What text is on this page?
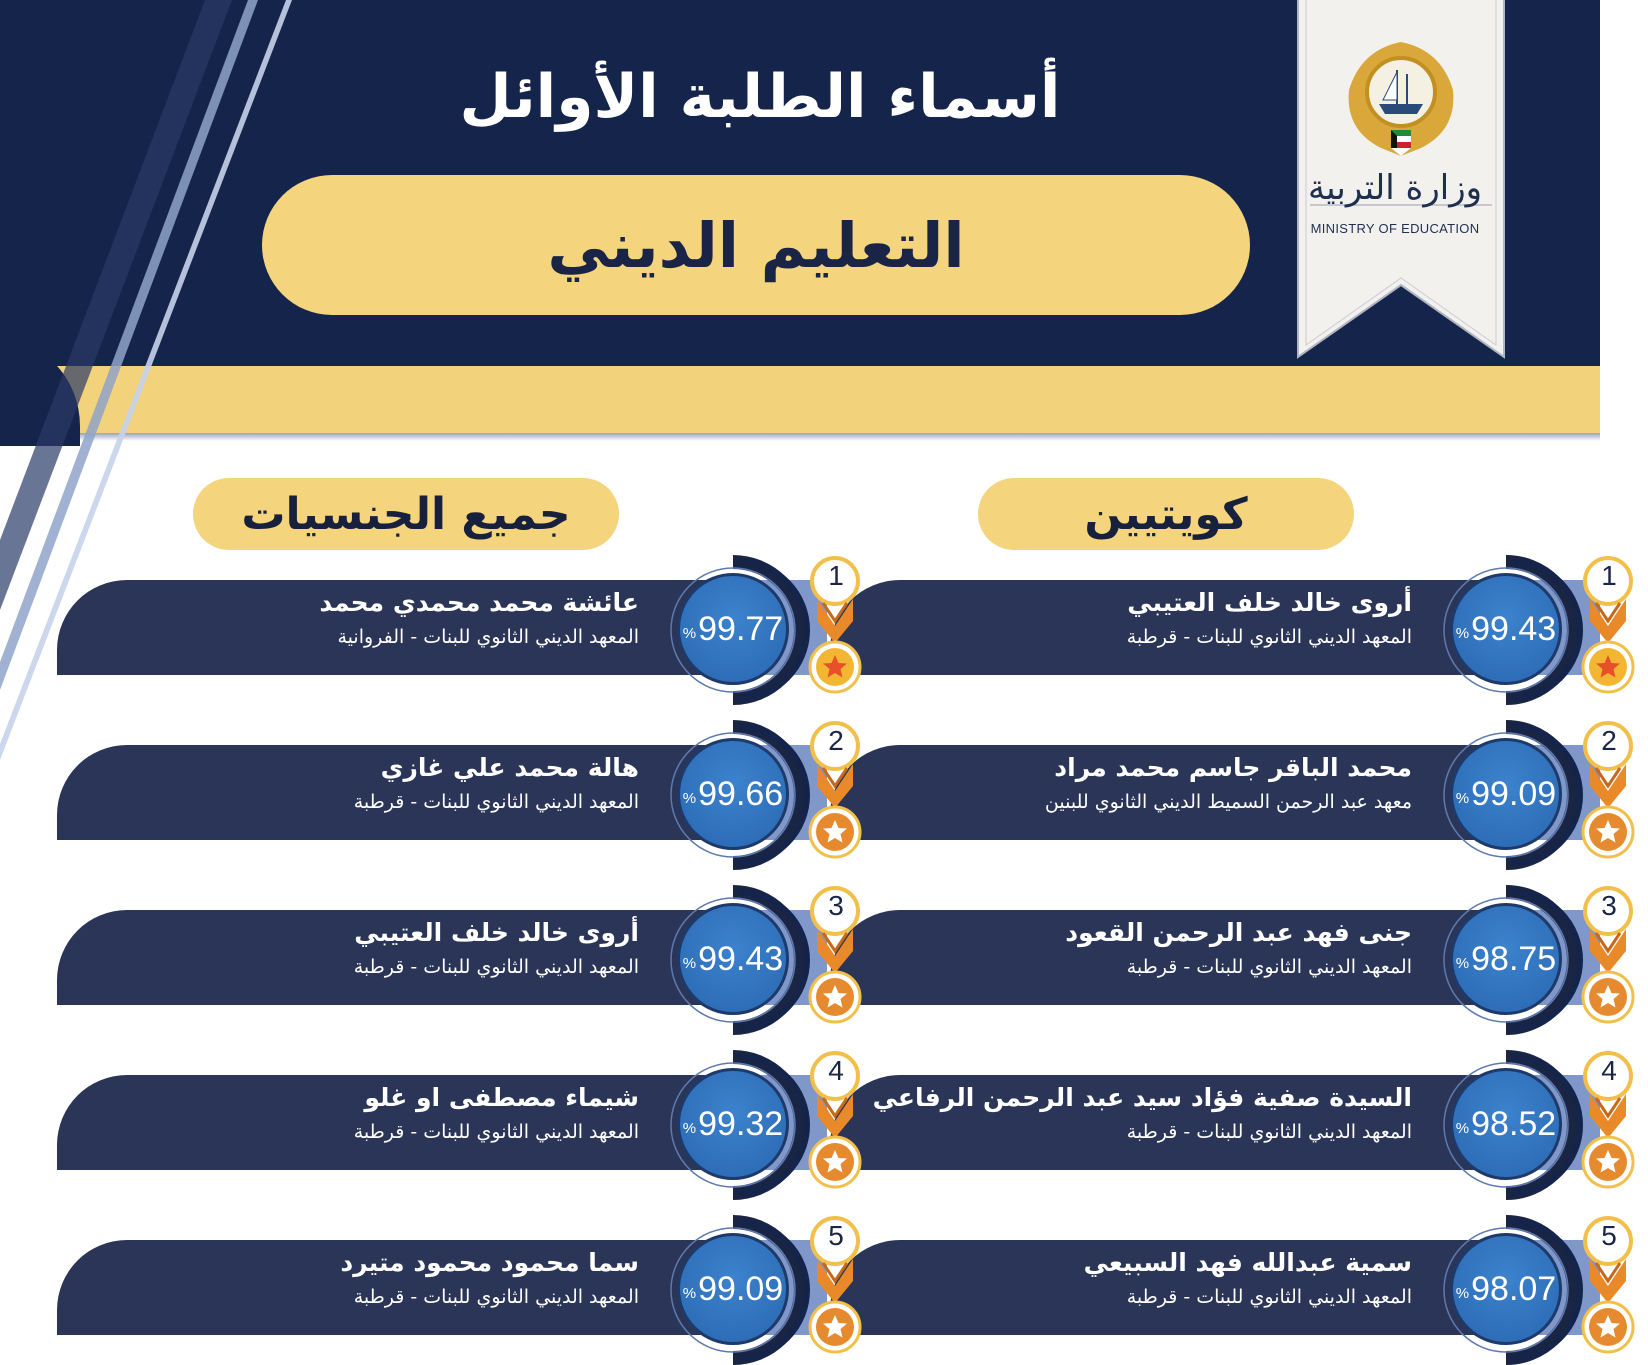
أسماء الطلبة الأوائل
التعليم الديني
وزارة التربية
MINISTRY OF EDUCATION
كويتيين
جميع الجنسيات
% 99.43
أروى خالد خلف العتيبي
المعهد الديني الثانوي للبنات - قرطبة
1
% 99.09
محمد الباقر جاسم محمد مراد
معهد عبد الرحمن السميط الديني الثانوي للبنين
2
% 98.75
جنى فهد عبد الرحمن القعود
المعهد الديني الثانوي للبنات - قرطبة
3
% 98.52
السيدة صفية فؤاد سيد عبد الرحمن الرفاعي
المعهد الديني الثانوي للبنات - قرطبة
4
% 98.07
سمية عبدالله فهد السبيعي
المعهد الديني الثانوي للبنات - قرطبة
5
% 99.77
عائشة محمد محمدي محمد
المعهد الديني الثانوي للبنات - الفروانية
1
% 99.66
هالة محمد علي غازي
المعهد الديني الثانوي للبنات - قرطبة
2
% 99.43
أروى خالد خلف العتيبي
المعهد الديني الثانوي للبنات - قرطبة
3
% 99.32
شيماء مصطفى او غلو
المعهد الديني الثانوي للبنات - قرطبة
4
% 99.09
سما محمود محمود متيرد
المعهد الديني الثانوي للبنات - قرطبة
5
